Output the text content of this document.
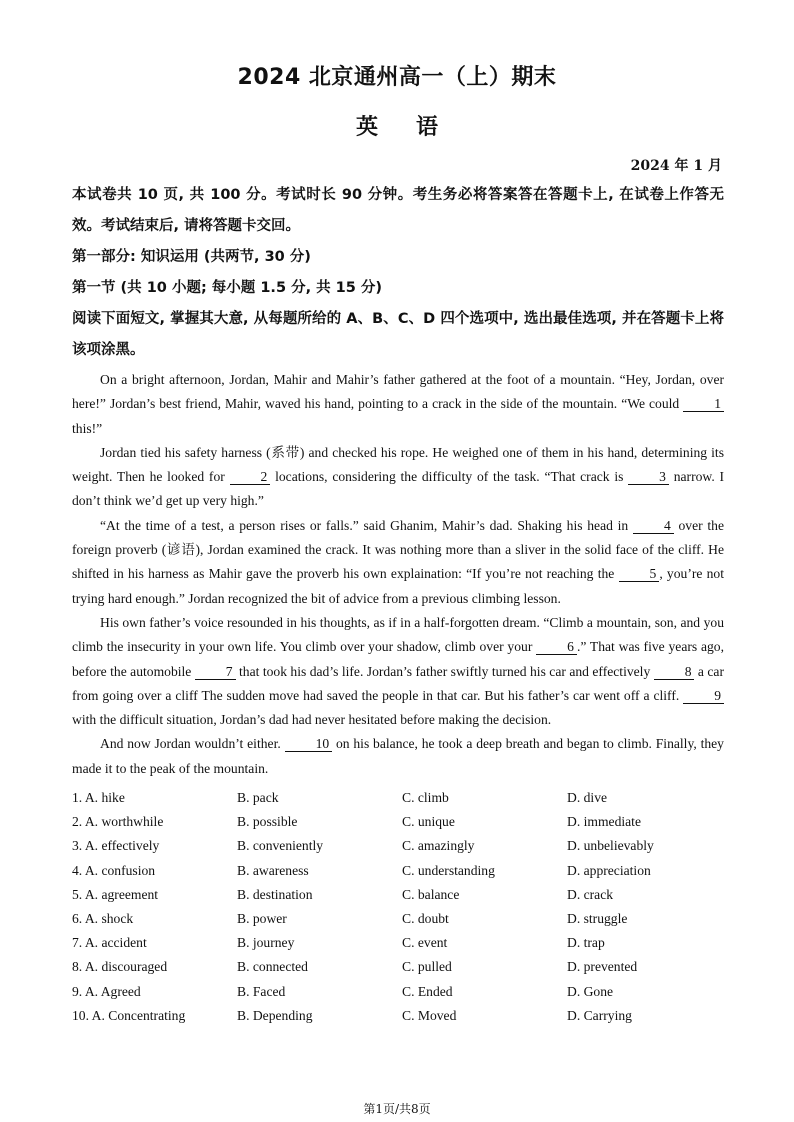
2024 北京通州高一（上）期末
英语
2024 年 1 月

本试卷共 10 页, 共 100 分。考试时长 90 分钟。考生务必将答案答在答题卡上, 在试卷上作答无效。考试结束后, 请将答题卡交回。

第一部分: 知识运用 (共两节, 30 分)

第一节 (共 10 小题; 每小题 1.5 分, 共 15 分)

阅读下面短文, 掌握其大意, 从每题所给的 A、B、C、D 四个选项中, 选出最佳选项, 并在答题卡上将该项涂黑。

On a bright afternoon, Jordan, Mahir and Mahir’s father gathered at the foot of a mountain. “Hey, Jordan, over here!” Jordan’s best friend, Mahir, waved his hand, pointing to a crack in the side of the mountain. “We could 1 this!”

Jordan tied his safety harness (系带) and checked his rope. He weighed one of them in his hand, determining its weight. Then he looked for 2 locations, considering the difficulty of the task. “That crack is 3 narrow. I don’t think we’d get up very high.”

“At the time of a test, a person rises or falls.” said Ghanim, Mahir’s dad. Shaking his head in 4 over the foreign proverb (谚语), Jordan examined the crack. It was nothing more than a sliver in the solid face of the cliff. He shifted in his harness as Mahir gave the proverb his own explaination: “If you’re not reaching the 5 , you’re not trying hard enough.” Jordan recognized the bit of advice from a previous climbing lesson.

His own father’s voice resounded in his thoughts, as if in a half-forgotten dream. “Climb a mountain, son, and you climb the insecurity in your own life. You climb over your shadow, climb over your 6 .” That was five years ago, before the automobile 7 that took his dad’s life. Jordan’s father swiftly turned his car and effectively 8 a car from going over a cliff The sudden move had saved the people in that car. But his father’s car went off a cliff. 9 with the difficult situation, Jordan’s dad had never hesitated before making the decision.

And now Jordan wouldn’t either. 10 on his balance, he took a deep breath and began to climb. Finally, they made it to the peak of the mountain.

1. A. hike	B. pack	C. climb	D. dive
2. A. worthwhile	B. possible	C. unique	D. immediate
3. A. effectively	B. conveniently	C. amazingly	D. unbelievably
4. A. confusion	B. awareness	C. understanding	D. appreciation
5. A. agreement	B. destination	C. balance	D. crack
6. A. shock	B. power	C. doubt	D. struggle
7. A. accident	B. journey	C. event	D. trap
8. A. discouraged	B. connected	C. pulled	D. prevented
9. A. Agreed	B. Faced	C. Ended	D. Gone
10. A. Concentrating	B. Depending	C. Moved	D. Carrying
第1页/共8页
